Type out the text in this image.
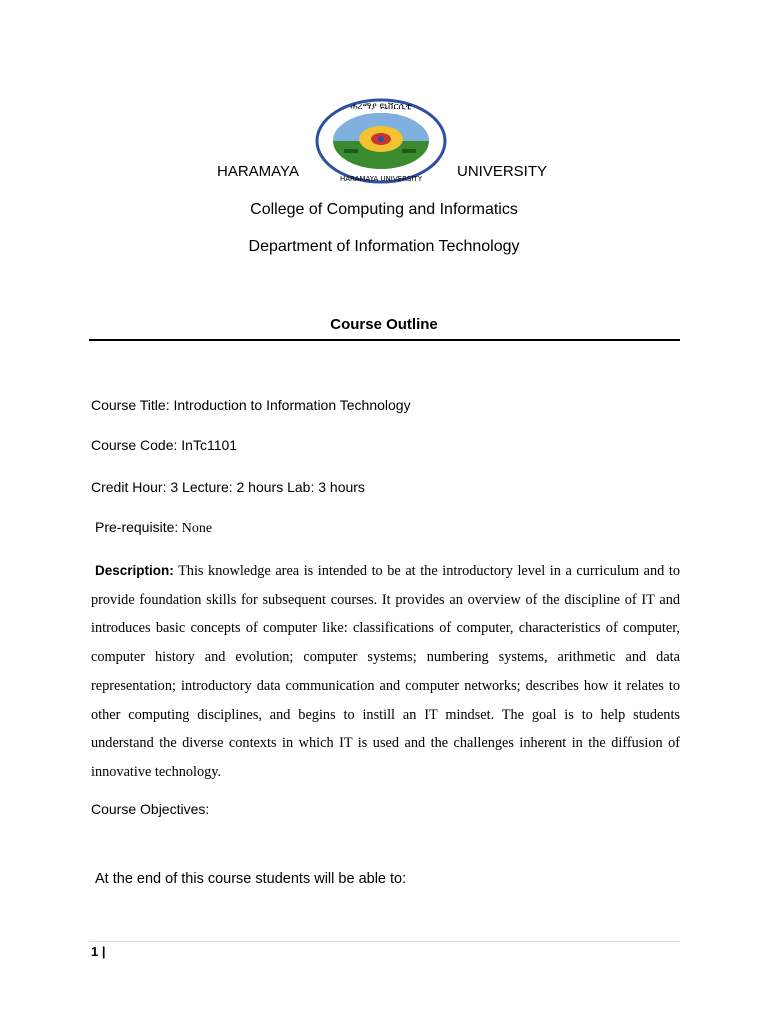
ሐረማያ ዩኒቨርሲቲ
HARAMAYA UNIVERSITY
HARAMAYA	UNIVERSITY
College of Computing and Informatics
Department of Information Technology
Course Outline
Course Title: Introduction to Information Technology
Course Code: InTc1101
Credit Hour: 3 Lecture: 2 hours Lab: 3 hours
Pre-requisite: None
Description: This knowledge area is intended to be at the introductory level in a curriculum and to provide foundation skills for subsequent courses. It provides an overview of the discipline of IT and introduces basic concepts of computer like: classifications of computer, characteristics of computer, computer history and evolution; computer systems; numbering systems, arithmetic and data representation; introductory data communication and computer networks; describes how it relates to other computing disciplines, and begins to instill an IT mindset. The goal is to help students understand the diverse contexts in which IT is used and the challenges inherent in the diffusion of innovative technology.
Course Objectives:
At the end of this course students will be able to:
1 |
